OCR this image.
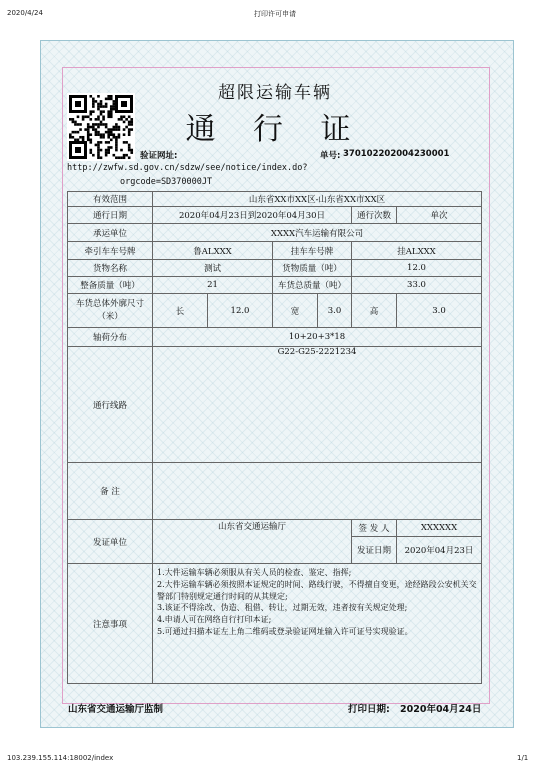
2020/4/24	打印许可申请
超限运输车辆
通 行 证
验证网址:	单号: 370102202004230001
http://zwfw.sd.gov.cn/sdzw/see/notice/index.do?
orgcode=SD370000JT
有效范围	山东省XX市XX区-山东省XX市XX区					
通行日期	2020年04月23日到2020年04月30日				通行次数	单次
承运单位	XXXX汽车运输有限公司					
牵引车车号牌	鲁ALXXX		挂车车号牌		挂ALXXX	
货物名称	测试		货物质量（吨）		12.0	
整备质量（吨）	21		车货总质量（吨）		33.0	
车货总体外廓尺寸（米）	长	12.0	宽	3.0	高	3.0
轴荷分布	10+20+3*18					
通行线路	G22-G25-2221234					
备 注						
发证单位	山东省交通运输厅				签 发 人	XXXXXX
					发证日期	2020年04月23日
注意事项	1.大件运输车辆必须服从有关人员的检查、鉴定、指挥;
2.大件运输车辆必须按照本证规定的时间、路线行驶，不得擅自变更，途经路段公安机关交警部门特别规定通行时间的从其规定;
3.该证不得涂改、伪造、租借、转让，过期无效，违者按有关规定处理;
4.申请人可在网络自行打印本证;
5.可通过扫描本证左上角二维码或登录验证网址输入许可证号实现验证。					
山东省交通运输厅监制	打印日期: 2020年04月24日
103.239.155.114:18002/index	1/1
